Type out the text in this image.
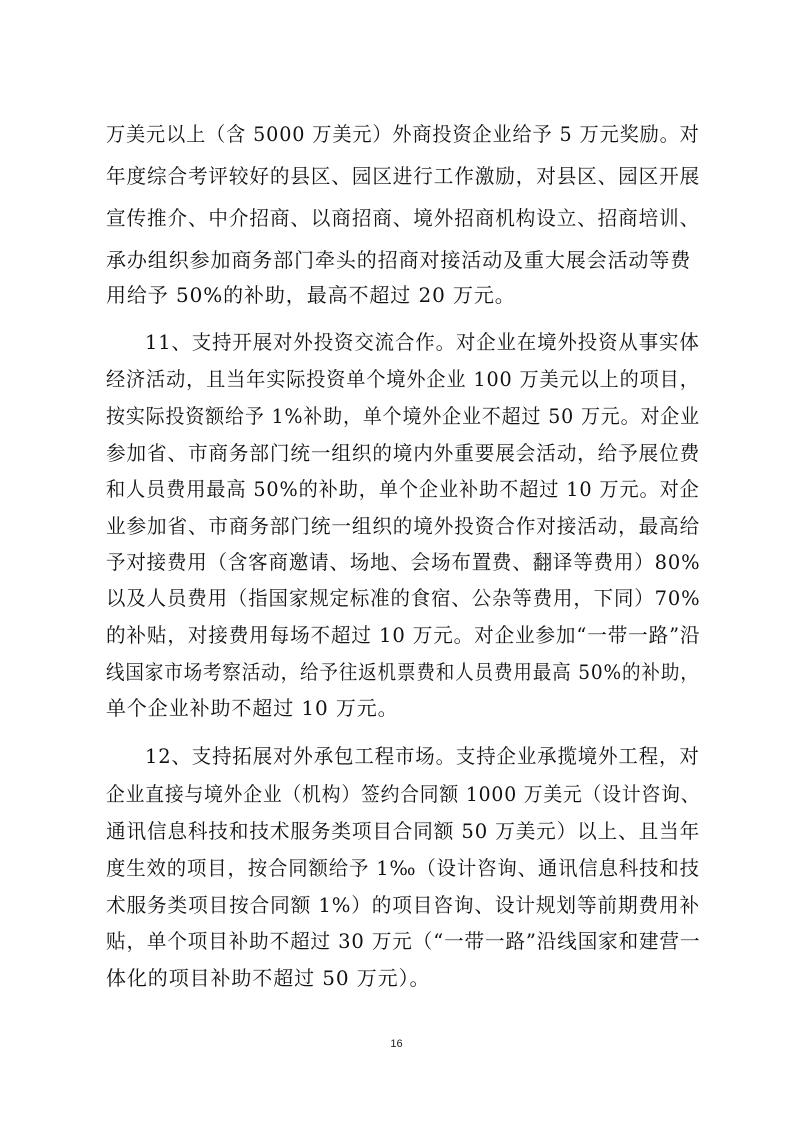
万美元以上（含 5000 万美元）外商投资企业给予 5 万元奖励。对
年度综合考评较好的县区、园区进行工作激励，对县区、园区开展
宣传推介、中介招商、以商招商、境外招商机构设立、招商培训、
承办组织参加商务部门牵头的招商对接活动及重大展会活动等费
用给予 50%的补助，最高不超过 20 万元。
11、支持开展对外投资交流合作。对企业在境外投资从事实体
经济活动，且当年实际投资单个境外企业 100 万美元以上的项目，
按实际投资额给予 1%补助，单个境外企业不超过 50 万元。对企业
参加省、市商务部门统一组织的境内外重要展会活动，给予展位费
和人员费用最高 50%的补助，单个企业补助不超过 10 万元。对企
业参加省、市商务部门统一组织的境外投资合作对接活动，最高给
予对接费用（含客商邀请、场地、会场布置费、翻译等费用）80%
以及人员费用（指国家规定标准的食宿、公杂等费用，下同）70%
的补贴，对接费用每场不超过 10 万元。对企业参加“一带一路”沿
线国家市场考察活动，给予往返机票费和人员费用最高 50%的补助，
单个企业补助不超过 10 万元。
12、支持拓展对外承包工程市场。支持企业承揽境外工程，对
企业直接与境外企业（机构）签约合同额 1000 万美元（设计咨询、
通讯信息科技和技术服务类项目合同额 50 万美元）以上、且当年
度生效的项目，按合同额给予 1‰（设计咨询、通讯信息科技和技
术服务类项目按合同额 1%）的项目咨询、设计规划等前期费用补
贴，单个项目补助不超过 30 万元（“一带一路”沿线国家和建营一
体化的项目补助不超过 50 万元）。
16
